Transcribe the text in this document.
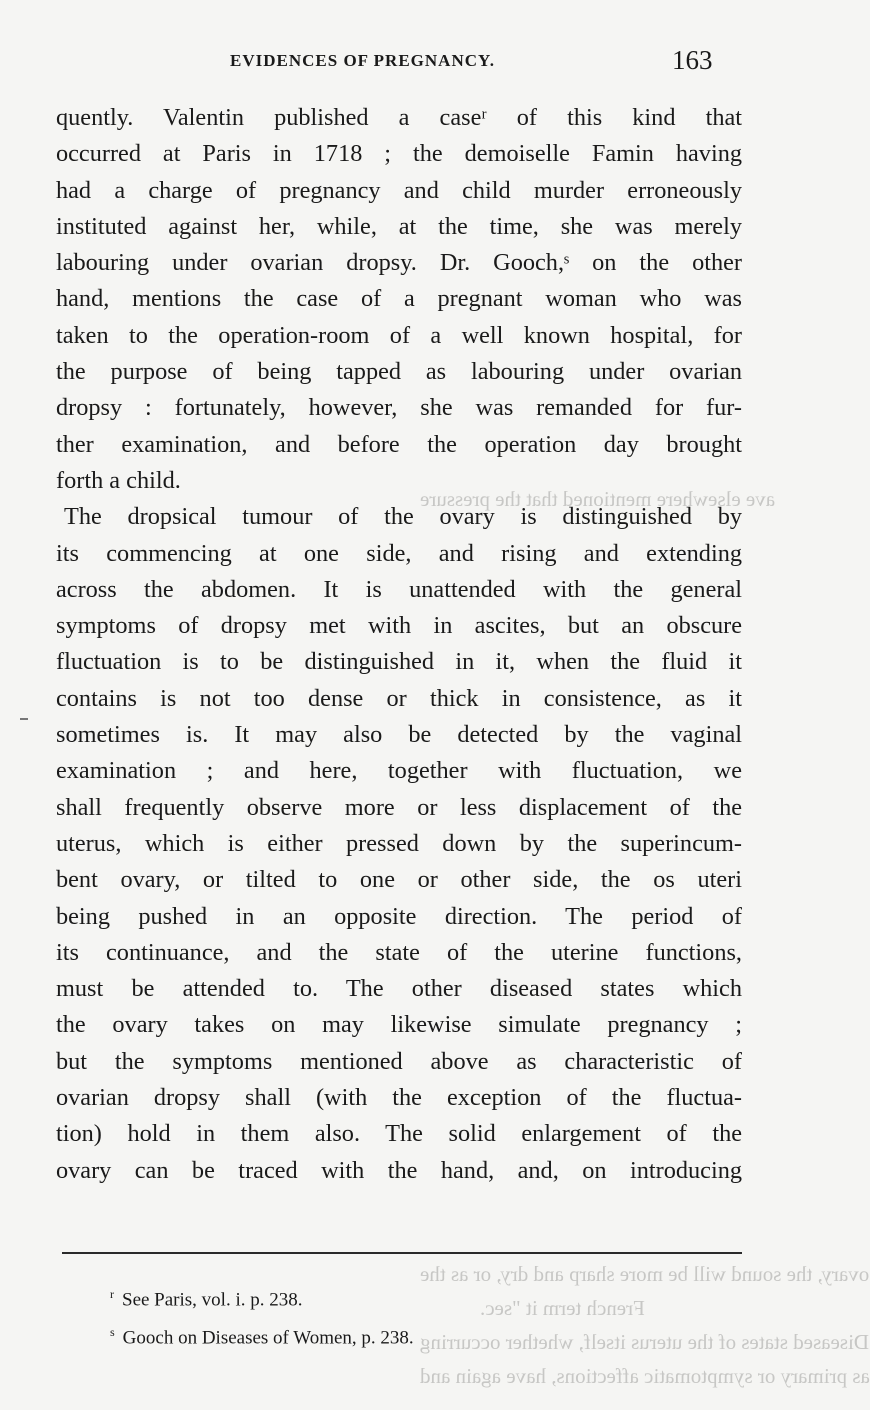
ave elsewhere mentioned that the pressure
ovary, the sound will be more sharp and dry, or as the
French term it "sec.
Diseased states of the uterus itself, whether occurring
as primary or symptomatic affections, have again and
EVIDENCES OF PREGNANCY.	163
quently. Valentin published a caseʳ of this kind that
occurred at Paris in 1718 ; the demoiselle Famin having
had a charge of pregnancy and child murder erroneously
instituted against her, while, at the time, she was merely
labouring under ovarian dropsy. Dr. Gooch,ˢ on the other
hand, mentions the case of a pregnant woman who was
taken to the operation-room of a well known hospital, for
the purpose of being tapped as labouring under ovarian
dropsy : fortunately, however, she was remanded for fur-
ther examination, and before the operation day brought
forth a child.
The dropsical tumour of the ovary is distinguished by
its commencing at one side, and rising and extending
across the abdomen. It is unattended with the general
symptoms of dropsy met with in ascites, but an obscure
fluctuation is to be distinguished in it, when the fluid it
contains is not too dense or thick in consistence, as it
sometimes is. It may also be detected by the vaginal
examination ; and here, together with fluctuation, we
shall frequently observe more or less displacement of the
uterus, which is either pressed down by the superincum-
bent ovary, or tilted to one or other side, the os uteri
being pushed in an opposite direction. The period of
its continuance, and the state of the uterine functions,
must be attended to. The other diseased states which
the ovary takes on may likewise simulate pregnancy ;
but the symptoms mentioned above as characteristic of
ovarian dropsy shall (with the exception of the fluctua-
tion) hold in them also. The solid enlargement of the
ovary can be traced with the hand, and, on introducing
$^r$ See Paris, vol. i. p. 238.
$^s$ Gooch on Diseases of Women, p. 238.
